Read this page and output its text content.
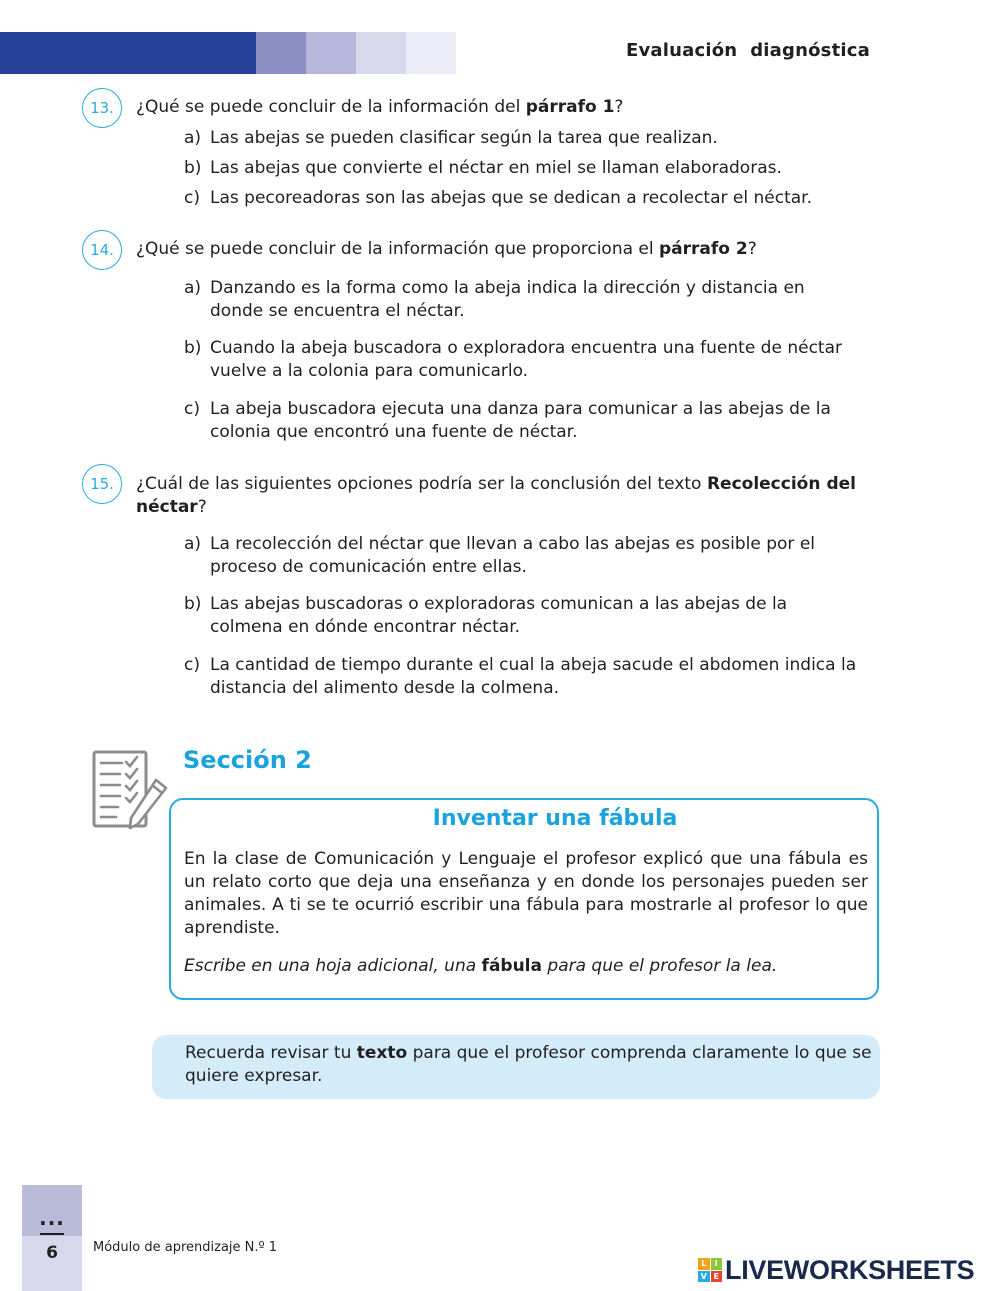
Evaluación  diagnóstica
13.	¿Qué se puede concluir de la información del párrafo 1?
a) Las abejas se pueden clasificar según la tarea que realizan.
b) Las abejas que convierte el néctar en miel se llaman elaboradoras.
c) Las pecoreadoras son las abejas que se dedican a recolectar el néctar.
14.	¿Qué se puede concluir de la información que proporciona el párrafo 2?
a) Danzando es la forma como la abeja indica la dirección y distancia en donde se encuentra el néctar.
b) Cuando la abeja buscadora o exploradora encuentra una fuente de néctar vuelve a la colonia para comunicarlo.
c) La abeja buscadora ejecuta una danza para comunicar a las abejas de la colonia que encontró una fuente de néctar.
15.	¿Cuál de las siguientes opciones podría ser la conclusión del texto Recolección del néctar?
a) La recolección del néctar que llevan a cabo las abejas es posible por el proceso de comunicación entre ellas.
b) Las abejas buscadoras o exploradoras comunican a las abejas de la colmena en dónde encontrar néctar.
c) La cantidad de tiempo durante el cual la abeja sacude el abdomen indica la distancia del alimento desde la colmena.
Sección 2
Inventar una fábula
En la clase de Comunicación y Lenguaje el profesor explicó que una fábula es un relato corto que deja una enseñanza y en donde los personajes pueden ser animales. A ti se te ocurrió escribir una fábula para mostrarle al profesor lo que aprendiste.
Escribe en una hoja adicional, una fábula para que el profesor la lea.
Recuerda revisar tu texto para que el profesor comprenda claramente lo que se quiere expresar.
...
6	Módulo de aprendizaje N.º 1
L	I
V E LIVEWORKSHEETS
